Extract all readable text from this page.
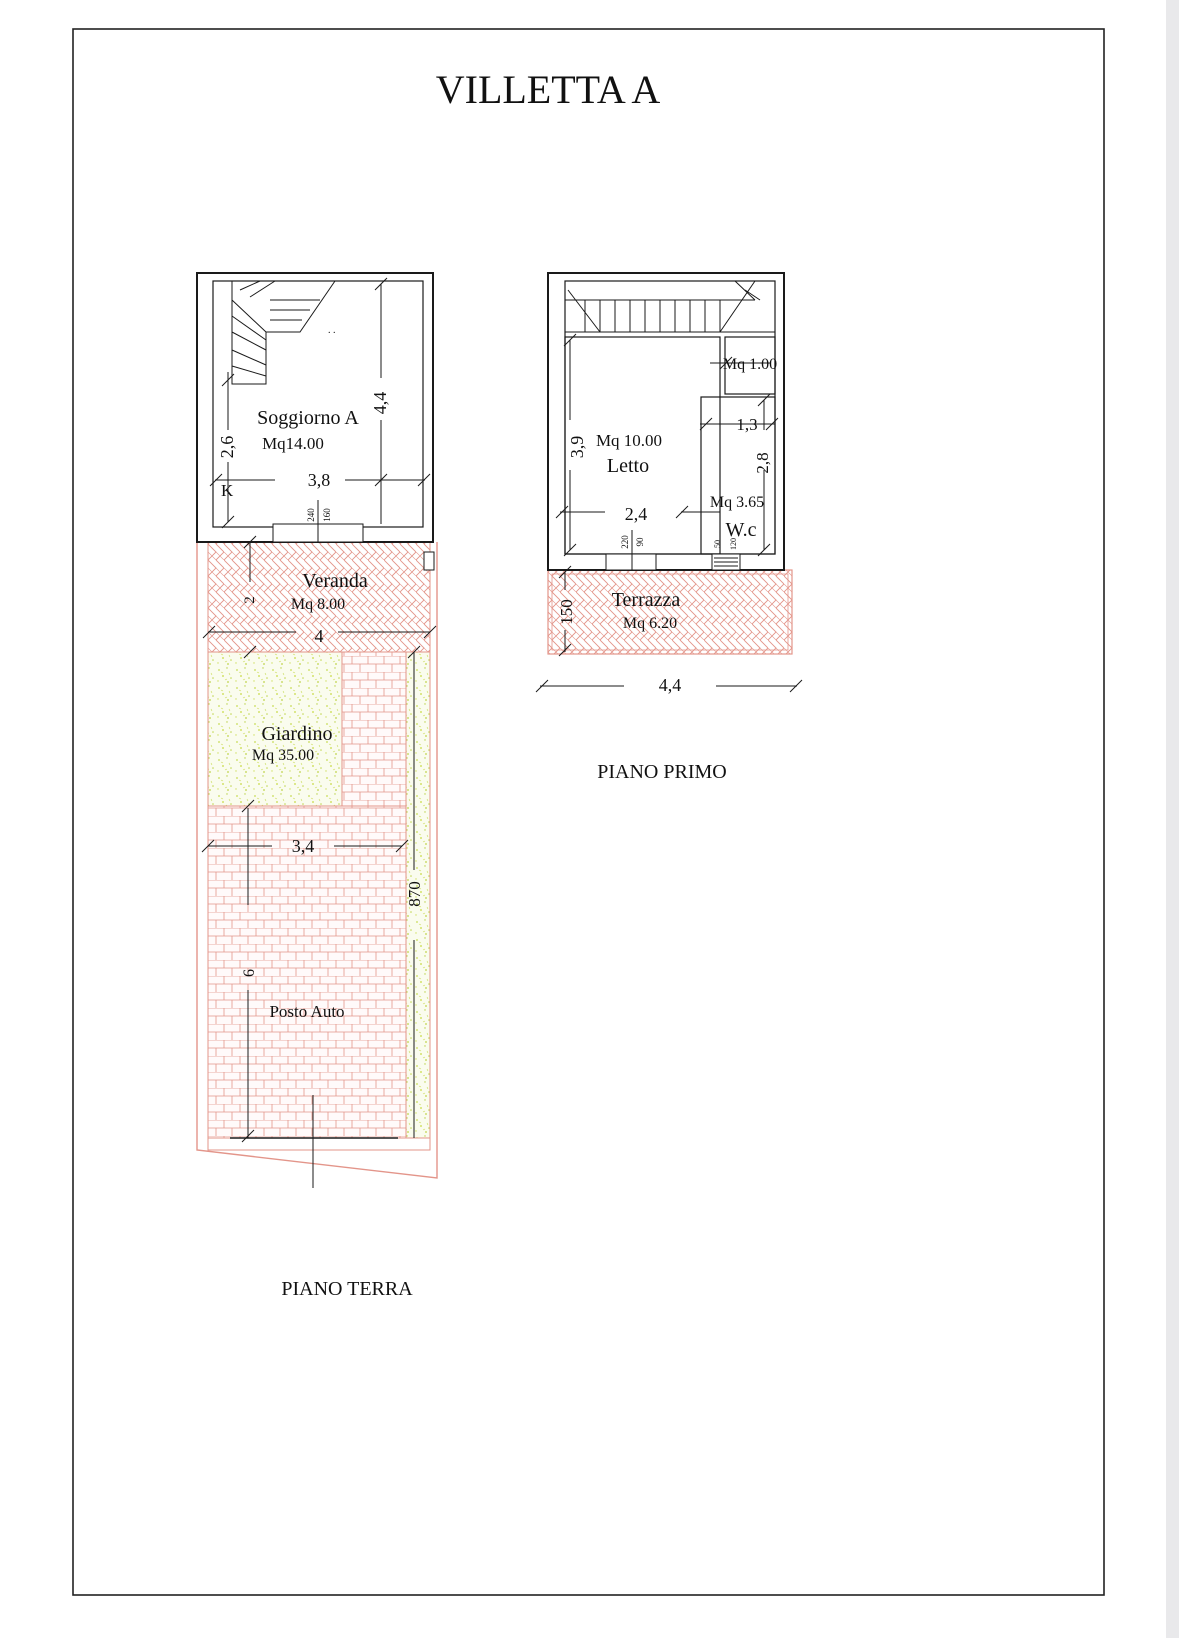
VILLETTA A
. .
Soggiorno A
Mq14.00
K
3,8
4,4
2,6
240 160
Veranda
Mq 8.00
2
4
Giardino
Mq 35.00
3,4
6
Posto Auto
870
PIANO TERRA
3,9 Mq 10.00
Letto
2,4
220 90
Mq 1.00
1,3
2,8
Mq 3.65
W.c
50 120
Terrazza
Mq 6.20
150
4,4
PIANO PRIMO
